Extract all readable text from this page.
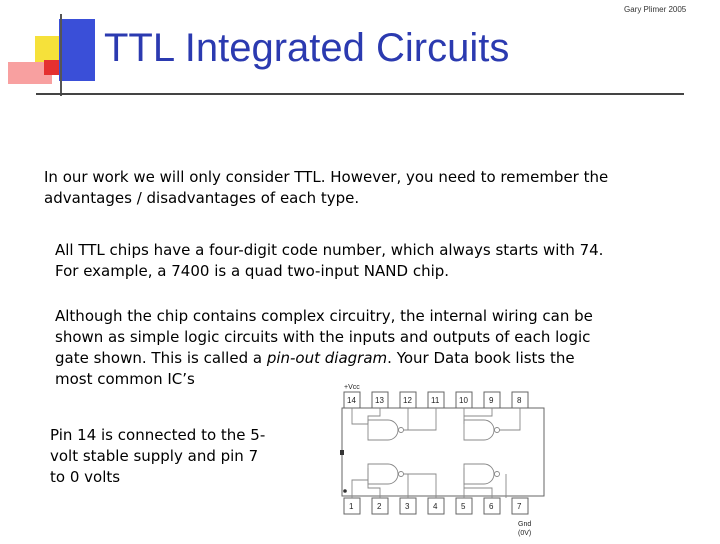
Gary Plimer 2005
TTL Integrated Circuits
In our work we will only consider TTL. However, you need to remember the
advantages / disadvantages of each type.
All TTL chips have a four-digit code number, which always starts with 74.
For example, a 7400 is a quad two-input NAND chip.
Although the chip contains complex circuitry, the internal wiring can be
shown as simple logic circuits with the inputs and outputs of each logic
gate shown. This is called a pin-out diagram. Your Data book lists the
most common IC’s
Pin 14 is connected to the 5-
volt stable supply and pin 7
to 0 volts
+Vcc
14 13 12 11 10	9	8
1	2	3	4	5	6	7
Gnd
(0V)
